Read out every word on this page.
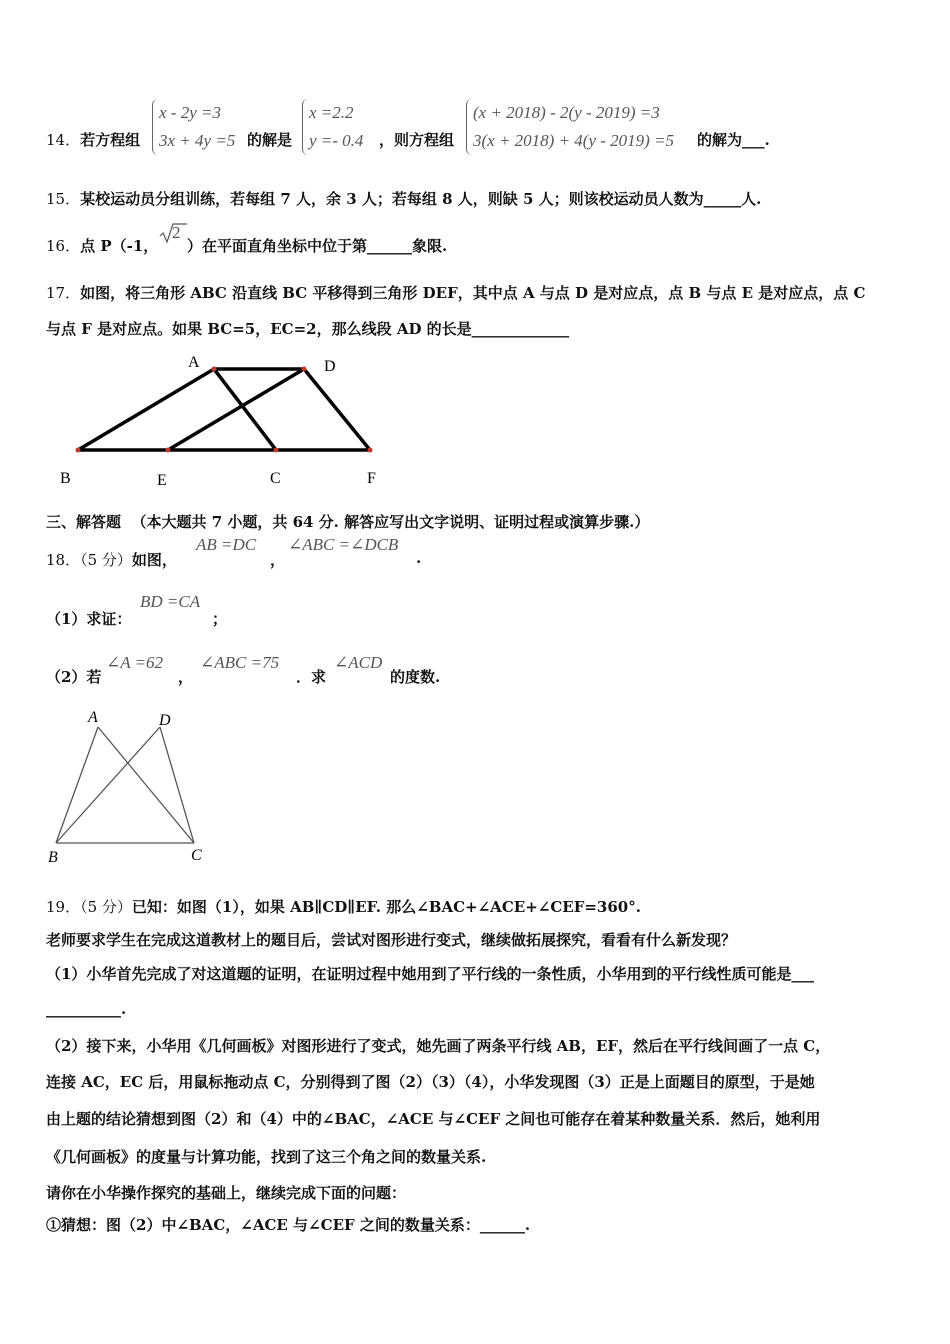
14．若方程组
x - 2y =3
3x + 4y =5 的解是
x =2.2
y =- 0.4 ，则方程组
(x + 2018) - 2(y - 2019) =3
3(x + 2018) + 4(y - 2019) =5 的解为___.
15．某校运动员分组训练，若每组 7 人，余 3 人；若每组 8 人，则缺 5 人；则该校运动员人数为_____人.
16．点 P（-1，
2
）在平面直角坐标中位于第______象限.
17．如图，将三角形 ABC 沿直线 BC 平移得到三角形 DEF，其中点 A 与点 D 是对应点，点 B 与点 E 是对应点，点 C
与点 F 是对应点。如果 BC=5，EC=2，那么线段 AD 的长是_____________
A	D
B	E	C	F
三、解答题 （本大题共 7 小题，共 64 分. 解答应写出文字说明、证明过程或演算步骤.）
18．（5 分）如图，
AB =DC
，
∠ABC =∠DCB
.
（1）求证：
BD =CA
；
（2）若
∠A =62
，
∠ABC =75
．求
∠ACD
的度数.
A	D
B	C
19．（5 分）已知：如图（1），如果 AB∥CD∥EF. 那么∠BAC+∠ACE+∠CEF=360°.
老师要求学生在完成这道教材上的题目后，尝试对图形进行变式，继续做拓展探究，看看有什么新发现？
（1）小华首先完成了对这道题的证明，在证明过程中她用到了平行线的一条性质，小华用到的平行线性质可能是___
__________.
（2）接下来，小华用《几何画板》对图形进行了变式，她先画了两条平行线 AB，EF，然后在平行线间画了一点 C，
连接 AC，EC 后，用鼠标拖动点 C，分别得到了图（2）（3）（4），小华发现图（3）正是上面题目的原型，于是她
由上题的结论猜想到图（2）和（4）中的∠BAC，∠ACE 与∠CEF 之间也可能存在着某种数量关系．然后，她利用
《几何画板》的度量与计算功能，找到了这三个角之间的数量关系.
请你在小华操作探究的基础上，继续完成下面的问题：
①猜想：图（2）中∠BAC，∠ACE 与∠CEF 之间的数量关系：______.
